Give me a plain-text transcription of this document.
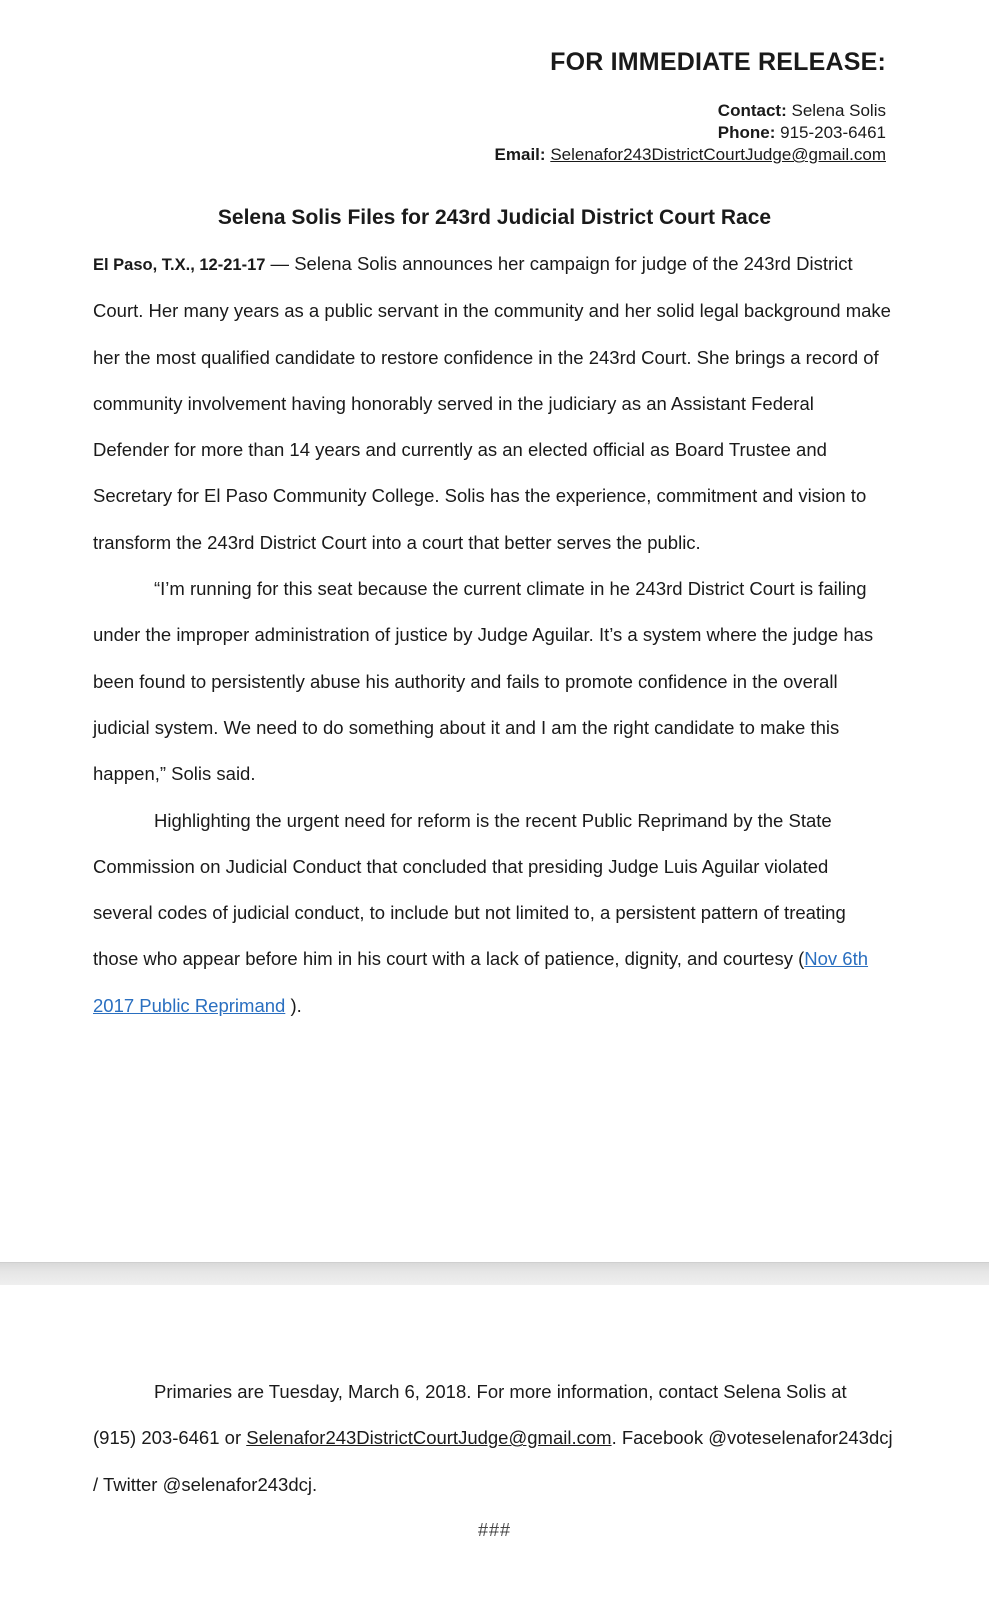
FOR IMMEDIATE RELEASE:
Contact: Selena Solis
Phone: 915-203-6461
Email: Selenafor243DistrictCourtJudge@gmail.com
Selena Solis Files for 243rd Judicial District Court Race

El Paso, T.X., 12-21-17 — Selena Solis announces her campaign for judge of the 243rd District Court. Her many years as a public servant in the community and her solid legal background make her the most qualified candidate to restore confidence in the 243rd Court. She brings a record of community involvement having honorably served in the judiciary as an Assistant Federal Defender for more than 14 years and currently as an elected official as Board Trustee and Secretary for El Paso Community College. Solis has the experience, commitment and vision to transform the 243rd District Court into a court that better serves the public.

“I’m running for this seat because the current climate in he 243rd District Court is failing under the improper administration of justice by Judge Aguilar. It’s a system where the judge has been found to persistently abuse his authority and fails to promote confidence in the overall judicial system. We need to do something about it and I am the right candidate to make this happen,” Solis said.

Highlighting the urgent need for reform is the recent Public Reprimand by the State Commission on Judicial Conduct that concluded that presiding Judge Luis Aguilar violated several codes of judicial conduct, to include but not limited to, a persistent pattern of treating those who appear before him in his court with a lack of patience, dignity, and courtesy (Nov 6th 2017 Public Reprimand ).

Primaries are Tuesday, March 6, 2018. For more information, contact Selena Solis at (915) 203-6461 or Selenafor243DistrictCourtJudge@gmail.com. Facebook @voteselenafor243dcj / Twitter @selenafor243dcj.

###
